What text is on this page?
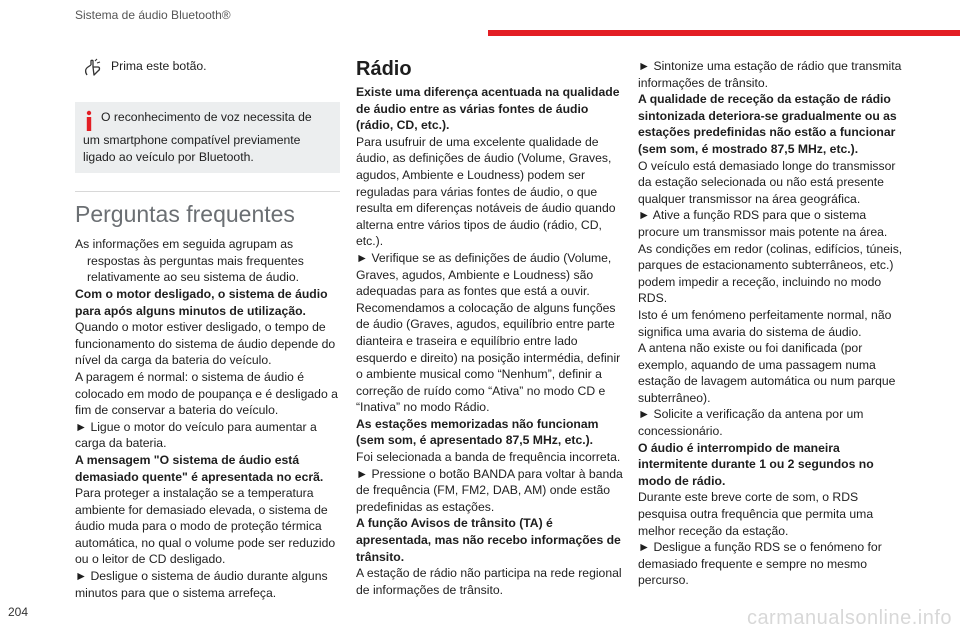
Sistema de áudio Bluetooth®

Prima este botão.

O reconhecimento de voz necessita de um smartphone compatível previamente ligado ao veículo por Bluetooth.
Perguntas frequentes

As informações em seguida agrupam as respostas às perguntas mais frequentes relativamente ao seu sistema de áudio.

Com o motor desligado, o sistema de áudio para após alguns minutos de utilização.

Quando o motor estiver desligado, o tempo de funcionamento do sistema de áudio depende do nível da carga da bateria do veículo.

A paragem é normal: o sistema de áudio é colocado em modo de poupança e é desligado a fim de conservar a bateria do veículo.

► Ligue o motor do veículo para aumentar a carga da bateria.

A mensagem "O sistema de áudio está demasiado quente" é apresentada no ecrã.

Para proteger a instalação se a temperatura ambiente for demasiado elevada, o sistema de áudio muda para o modo de proteção térmica automática, no qual o volume pode ser reduzido ou o leitor de CD desligado.

► Desligue o sistema de áudio durante alguns minutos para que o sistema arrefeça.

Rádio

Existe uma diferença acentuada na qualidade de áudio entre as várias fontes de áudio (rádio, CD, etc.).

Para usufruir de uma excelente qualidade de áudio, as definições de áudio (Volume, Graves, agudos, Ambiente e Loudness) podem ser reguladas para várias fontes de áudio, o que resulta em diferenças notáveis de áudio quando alterna entre vários tipos de áudio (rádio, CD, etc.).

► Verifique se as definições de áudio (Volume, Graves, agudos, Ambiente e Loudness) são adequadas para as fontes que está a ouvir. Recomendamos a colocação de alguns funções de áudio (Graves, agudos, equilíbrio entre parte dianteira e traseira e equilíbrio entre lado esquerdo e direito) na posição intermédia, definir o ambiente musical como “Nenhum”, definir a correção de ruído como “Ativa” no modo CD e “Inativa” no modo Rádio.

As estações memorizadas não funcionam (sem som, é apresentado 87,5 MHz, etc.).

Foi selecionada a banda de frequência incorreta.

► Pressione o botão BANDA para voltar à banda de frequência (FM, FM2, DAB, AM) onde estão predefinidas as estações.

A função Avisos de trânsito (TA) é apresentada, mas não recebo informações de trânsito.

A estação de rádio não participa na rede regional de informações de trânsito.

► Sintonize uma estação de rádio que transmita informações de trânsito.

A qualidade de receção da estação de rádio sintonizada deteriora-se gradualmente ou as estações predefinidas não estão a funcionar (sem som, é mostrado 87,5 MHz, etc.).

O veículo está demasiado longe do transmissor da estação selecionada ou não está presente qualquer transmissor na área geográfica.

► Ative a função RDS para que o sistema procure um transmissor mais potente na área.

As condições em redor (colinas, edifícios, túneis, parques de estacionamento subterrâneos, etc.) podem impedir a receção, incluindo no modo RDS.

Isto é um fenómeno perfeitamente normal, não significa uma avaria do sistema de áudio.

A antena não existe ou foi danificada (por exemplo, aquando de uma passagem numa estação de lavagem automática ou num parque subterrâneo).

► Solicite a verificação da antena por um concessionário.

O áudio é interrompido de maneira intermitente durante 1 ou 2 segundos no modo de rádio.

Durante este breve corte de som, o RDS pesquisa outra frequência que permita uma melhor receção da estação.

► Desligue a função RDS se o fenómeno for demasiado frequente e sempre no mesmo percurso.

204	carmanualsonline.info
